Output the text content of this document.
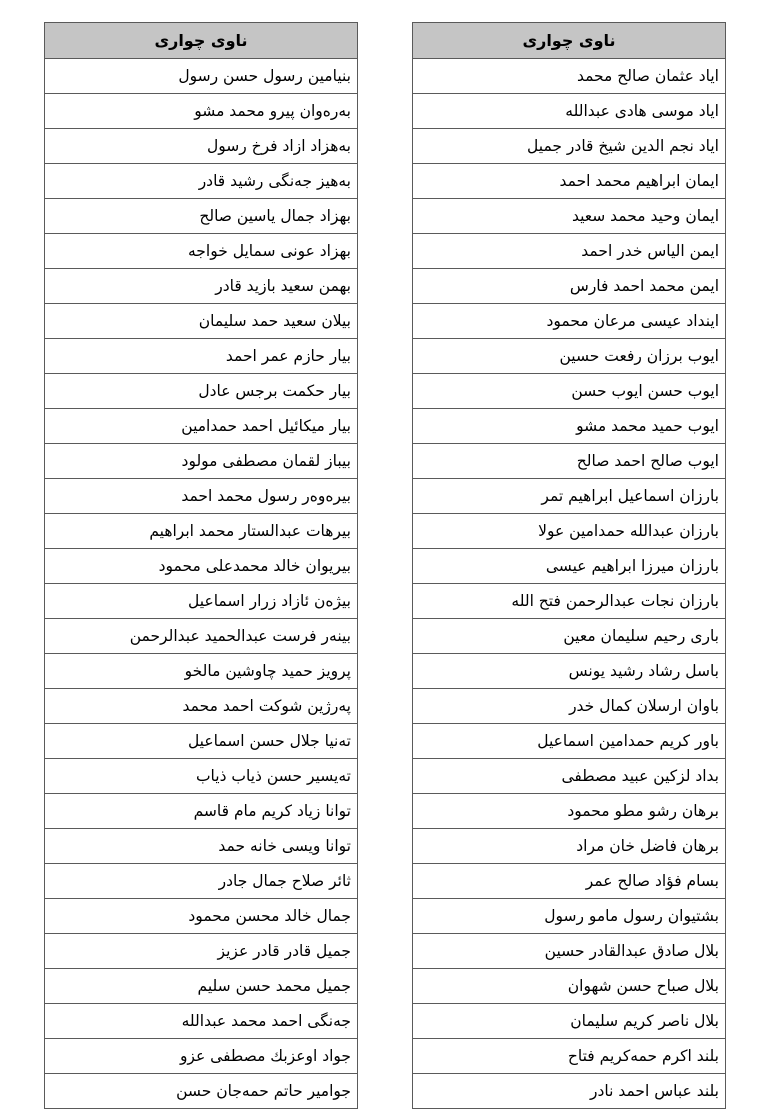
ناوی چواری
ایاد عثمان صالح محمد
ایاد موسی هادی عبداللە
ایاد نجم الدین شیخ قادر جمیل
ایمان ابراهیم محمد احمد
ایمان وحید محمد سعید
ایمن الیاس خدر احمد
ایمن محمد احمد فارس
اینداد عیسی مرعان محمود
ایوب برزان رفعت حسین
ایوب حسن ایوب حسن
ایوب حمید محمد مشو
ایوب صالح احمد صالح
بارزان اسماعیل ابراهیم تمر
بارزان عبداللە حمدامین عولا
بارزان میرزا ابراهیم عیسی
بارزان نجات عبدالرحمن فتح اللە
باری رحیم سلیمان معین
باسل رشاد رشید یونس
باوان ارسلان کمال خدر
باور کریم حمدامین اسماعیل
بداد لزکین عبید مصطفی
برهان رشو مطو محمود
برهان فاضل خان مراد
بسام فؤاد صالح عمر
بشتیوان رسول مامو رسول
بلال صادق عبدالقادر حسین
بلال صباح حسن شهوان
بلال ناصر کریم سلیمان
بلند اکرم حمەکریم فتاح
بلند عباس احمد نادر
ناوی چواری
بنیامین رسول حسن رسول
بەرەوان پیرو محمد مشو
بەهزاد ازاد فرخ رسول
بەهیز جەنگی رشید قادر
بهزاد جمال یاسین صالح
بهزاد عونی سمایل خواجە
بهمن سعید بازید قادر
بیلان سعید حمد سلیمان
بیار حازم عمر احمد
بیار حکمت برجس عادل
بیار میکائیل احمد حمدامین
بیباز لقمان مصطفی مولود
بیرەوەر رسول محمد احمد
بیرهات عبدالستار محمد ابراهیم
بیریوان خالد محمدعلی محمود
بیژەن ئازاد زرار اسماعیل
بینەر فرست عبدالحمید عبدالرحمن
پرویز حمید چاوشین مالخو
پەرژین شوکت احمد محمد
تەنیا جلال حسن اسماعیل
تەیسیر حسن ذیاب ذیاب
توانا زیاد کریم مام قاسم
توانا ویسی خانە حمد
ثائر صلاح جمال جادر
جمال خالد محسن محمود
جمیل قادر قادر عزیز
جمیل محمد حسن سلیم
جەنگی احمد محمد عبداللە
جواد اوعزبك مصطفی عزو
جوامیر حاتم حمەجان حسن
